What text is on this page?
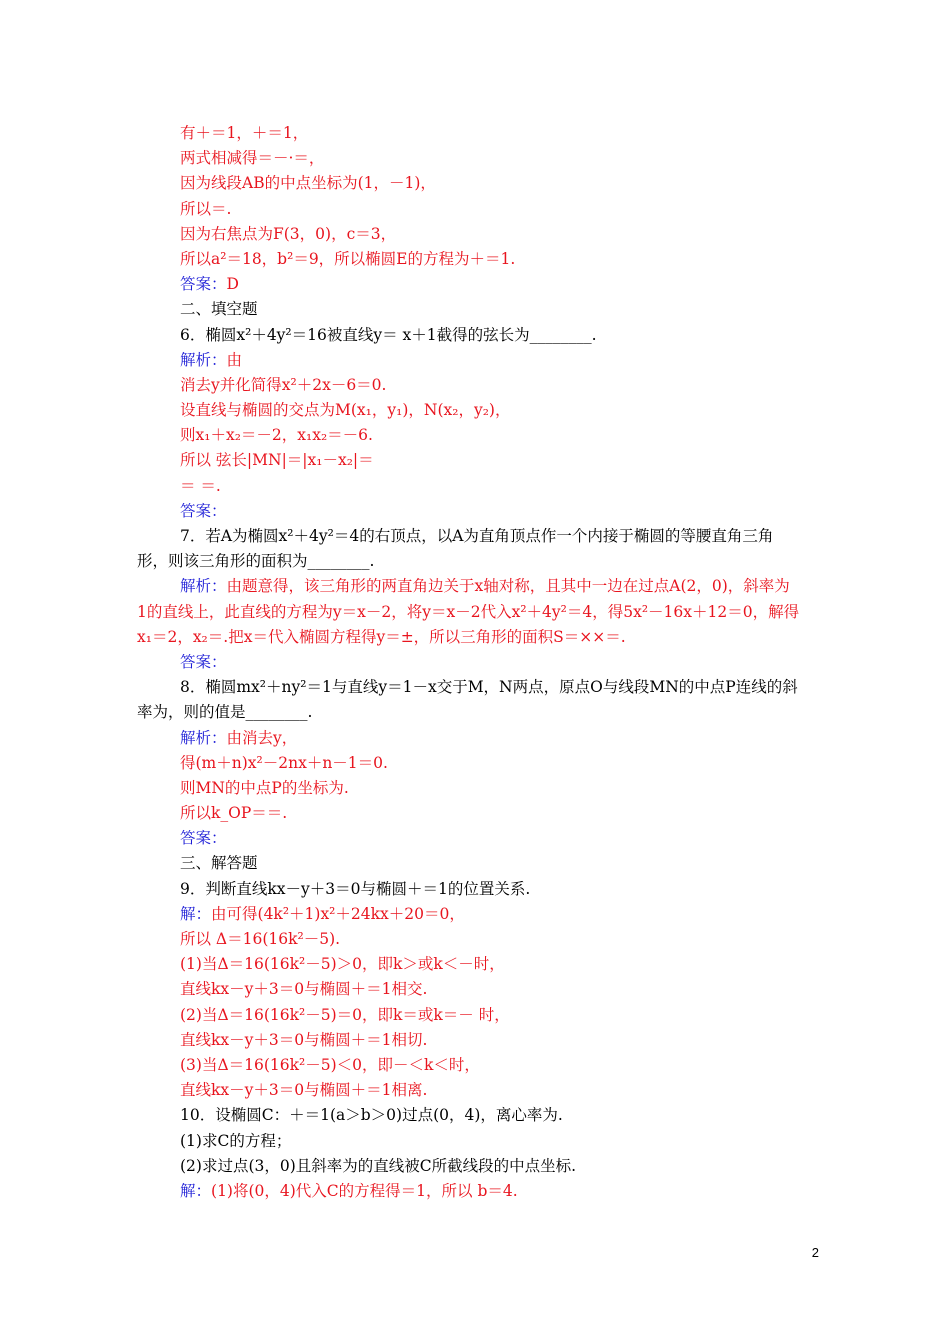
有＋＝1，＋＝1，
两式相减得＝－·＝，
因为线段AB的中点坐标为(1，－1)，
所以＝.
因为右焦点为F(3，0)，c＝3，
所以a²＝18，b²＝9，所以椭圆E的方程为＋＝1.
答案：D
二、填空题
6．椭圆x²＋4y²＝16被直线y＝ x＋1截得的弦长为________.
解析：由
消去y并化简得x²＋2x－6＝0.
设直线与椭圆的交点为M(x₁，y₁)，N(x₂，y₂)，
则x₁＋x₂＝－2，x₁x₂＝－6.
所以 弦长|MN|＝|x₁－x₂|＝
＝ ＝.
答案：
7．若A为椭圆x²＋4y²＝4的右顶点，以A为直角顶点作一个内接于椭圆的等腰直角三角
形，则该三角形的面积为________.
解析：由题意得，该三角形的两直角边关于x轴对称，且其中一边在过点A(2，0)，斜率为
1的直线上，此直线的方程为y＝x－2，将y＝x－2代入x²＋4y²＝4，得5x²－16x＋12＝0，解得
x₁＝2，x₂＝.把x＝代入椭圆方程得y＝±，所以三角形的面积S＝××＝.
答案：
8．椭圆mx²＋ny²＝1与直线y＝1－x交于M，N两点，原点O与线段MN的中点P连线的斜
率为，则的值是________.
解析：由消去y，
得(m＋n)x²－2nx＋n－1＝0.
则MN的中点P的坐标为.
所以k_OP＝＝.
答案：
三、解答题
9．判断直线kx－y＋3＝0与椭圆＋＝1的位置关系.
解：由可得(4k²＋1)x²＋24kx＋20＝0，
所以 Δ＝16(16k²－5).
(1)当Δ＝16(16k²－5)＞0，即k＞或k＜－时，
直线kx－y＋3＝0与椭圆＋＝1相交.
(2)当Δ＝16(16k²－5)＝0，即k＝或k＝－ 时，
直线kx－y＋3＝0与椭圆＋＝1相切.
(3)当Δ＝16(16k²－5)＜0，即－＜k＜时，
直线kx－y＋3＝0与椭圆＋＝1相离.
10．设椭圆C：＋＝1(a＞b＞0)过点(0，4)，离心率为.
(1)求C的方程；
(2)求过点(3，0)且斜率为的直线被C所截线段的中点坐标.
解：(1)将(0，4)代入C的方程得＝1，所以 b＝4.
2
